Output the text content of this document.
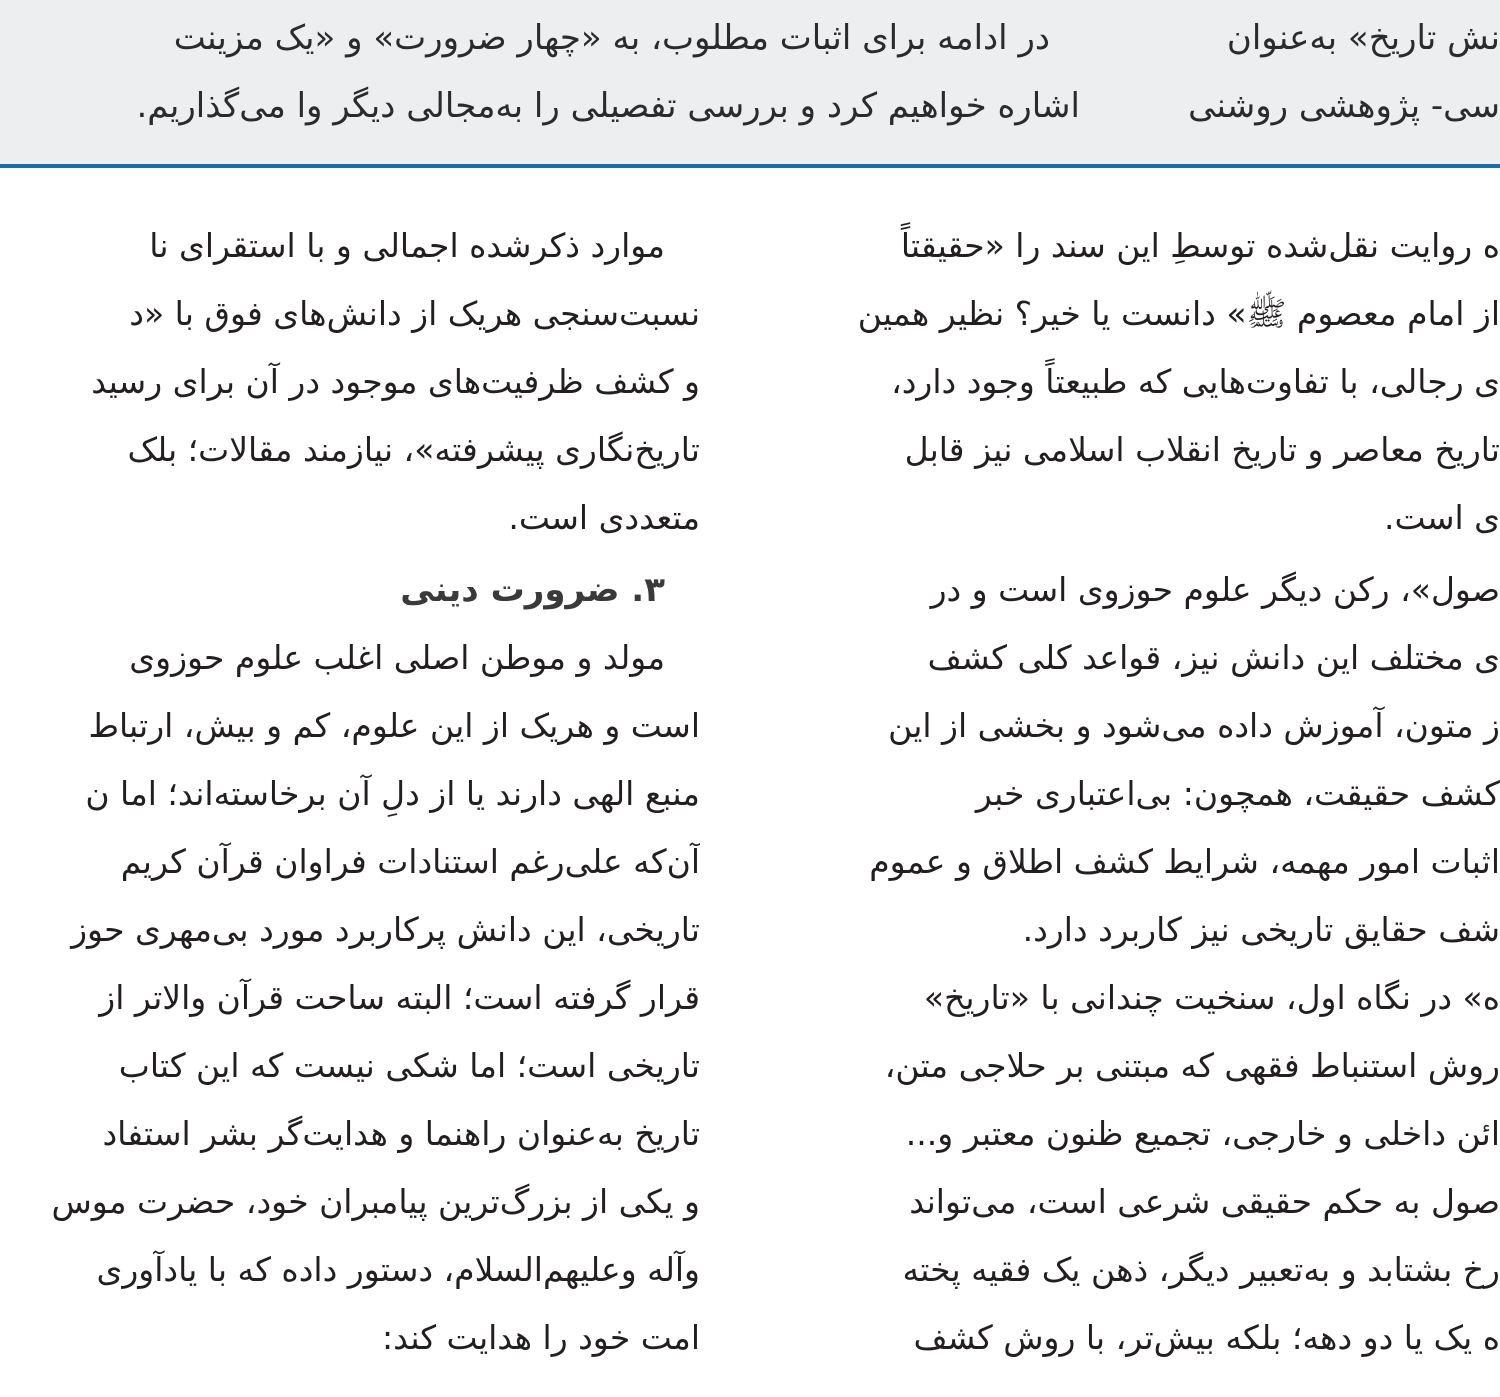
در ادامه برای اثبات مطلوب، به «چهار ضرورت» و «یک مزینت	نش تاریخ» به‌عنوان
اشاره خواهیم کرد و بررسی تفصیلی را به‌مجالی دیگر وا می‌گذاریم.	سی- پژوهشی روشنی
موارد ذکرشده اجمالی و با استقرای نا
نسبت‌سنجی هریک از دانش‌های فوق با «د
و کشف ظرفیت‌های موجود در آن برای رسید
تاریخ‌نگاری پیشرفته»، نیازمند مقالات؛ بلک
متعددی است.
۳. ضرورت دینی
مولد و موطن اصلی اغلب علوم حوزوی
است و هریک از این علوم، کم و بیش، ارتباط
منبع الهی دارند یا از دلِ آن برخاسته‌اند؛ اما ن
آن‌که علی‌رغم استنادات فراوان قرآن کریم
تاریخی، این دانش پرکاربرد مورد بی‌مهری حوز
قرار گرفته است؛ البته ساحت قرآن والاتر از
تاریخی است؛ اما شکی نیست که این کتاب
تاریخ به‌عنوان راهنما و هدایت‌گر بشر استفاد
و یکی از بزرگ‌ترین پیامبران خود، حضرت موس
وآله وعلیهم‌السلام، دستور داده که با یادآوری
امت خود را هدایت کند:
ه روایت نقل‌شده توسطِ این سند را «حقیقتاً
از امام معصوم ﷺ» دانست یا خیر؟ نظیر همین
ی رجالی، با تفاوت‌هایی که طبیعتاً وجود دارد،
تاریخ معاصر و تاریخ انقلاب اسلامی نیز قابل
ی است.
صول»، رکن دیگر علوم حوزوی است و در
ی مختلف این دانش نیز، قواعد کلی کشف
ز متون، آموزش داده می‌شود و بخشی از این
کشف حقیقت، همچون: بی‌اعتباری خبر
اثبات امور مهمه، شرایط کشف اطلاق و عموم
شف حقایق تاریخی نیز کاربرد دارد.
ه» در نگاه اول، سنخیت چندانی با «تاریخ»
روش استنباط فقهی که مبتنی بر حلاجی متن،
ائن داخلی و خارجی، تجمیع ظنون معتبر و...
صول به حکم حقیقی شرعی است، می‌تواند
رخ بشتابد و به‌تعبیر دیگر، ذهن یک فقیه پخته
ه یک یا دو دهه؛ بلکه بیش‌تر، با روش کشف
